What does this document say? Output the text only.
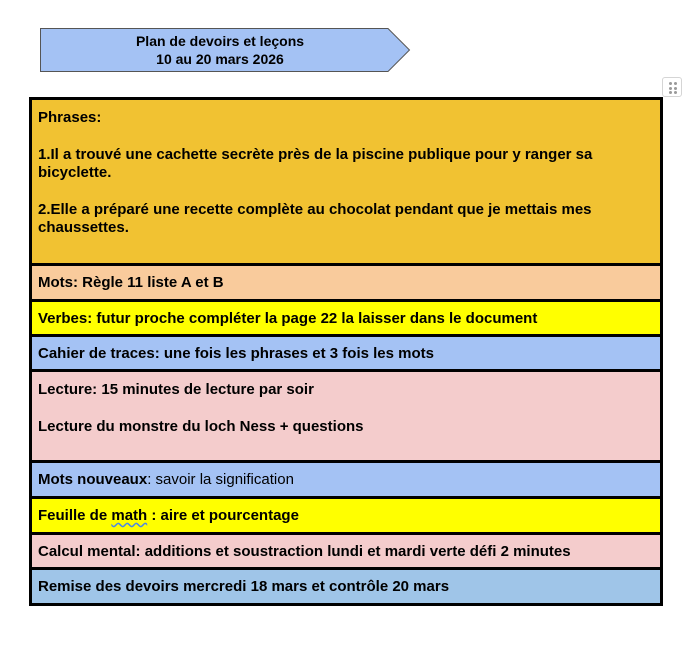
Plan de devoirs et leçons
10 au 20 mars 2026

Phrases:

1.Il a trouvé une cachette secrète près de la piscine publique pour y ranger sa bicyclette.

2.Elle a préparé une recette complète au chocolat pendant que je mettais mes chaussettes.

Mots: Règle 11 liste A et B

Verbes: futur proche compléter la page 22 la laisser dans le document

Cahier de traces: une fois les phrases et 3 fois les mots

Lecture: 15 minutes de lecture par soir

Lecture du monstre du loch Ness + questions

Mots nouveaux: savoir la signification

Feuille de math : aire et pourcentage

Calcul mental: additions et soustraction lundi et mardi verte défi 2 minutes

Remise des devoirs mercredi 18 mars et contrôle 20 mars
